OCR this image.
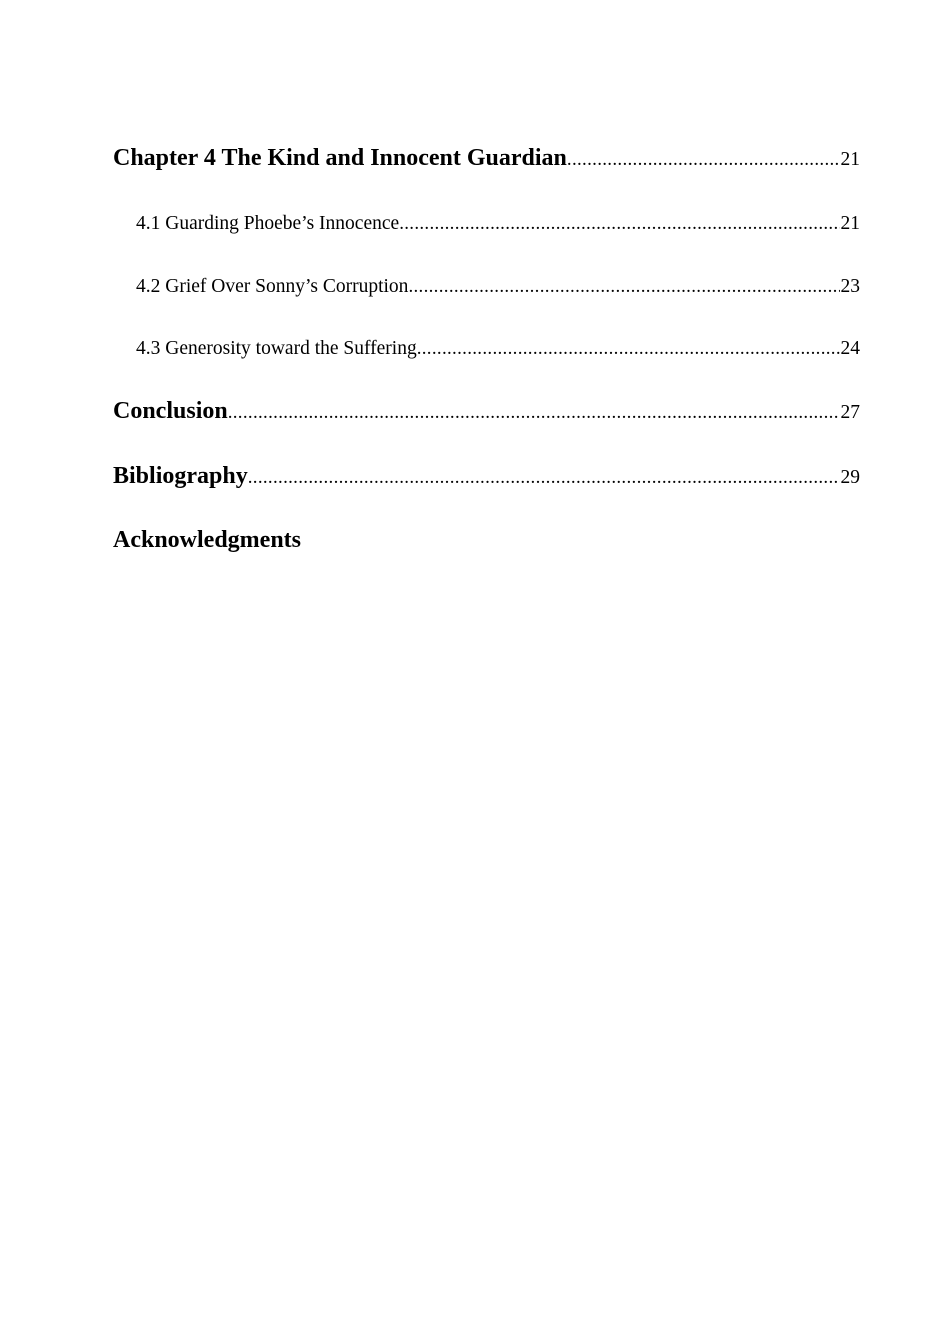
Chapter 4 The Kind and Innocent Guardian .....	21
4.1 Guarding Phoebe’s Innocence .....	21
4.2 Grief Over Sonny’s Corruption .....	23
4.3 Generosity toward the Suffering .....	24
Conclusion .....	27
Bibliography .....	29
Acknowledgments
